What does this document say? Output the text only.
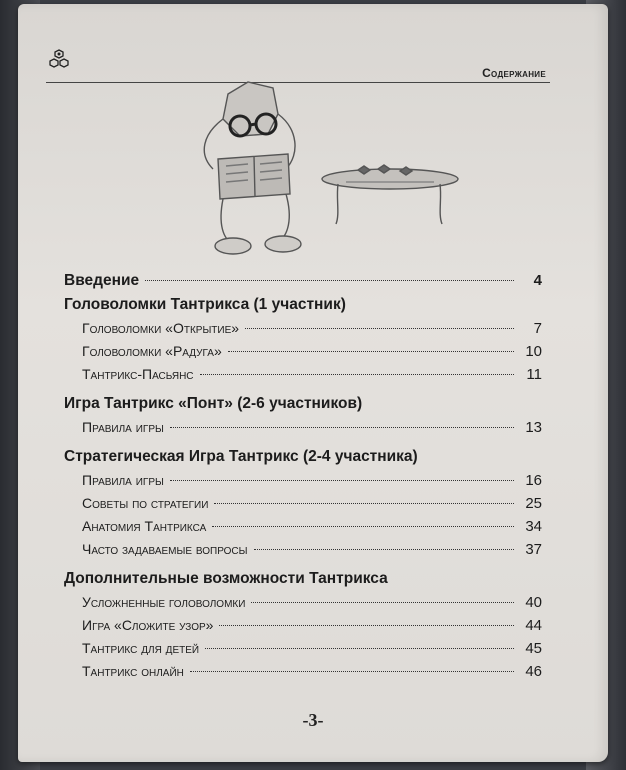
Содержание
Введение	4
Головоломки Тантрикса (1 участник)
Головоломки «Открытие»	7
Головоломки «Радуга»	10
Тантрикс-Пасьянс	11
Игра Тантрикс «Понт» (2-6 участников)
Правила игры	13
Стратегическая Игра Тантрикс (2-4 участника)
Правила игры	16
Советы по стратегии	25
Анатомия Тантрикса	34
Часто задаваемые вопросы	37
Дополнительные возможности Тантрикса
Усложненные головоломки	40
Игра «Сложите узор»	44
Тантрикс для детей	45
Тантрикс онлайн	46
-3-
